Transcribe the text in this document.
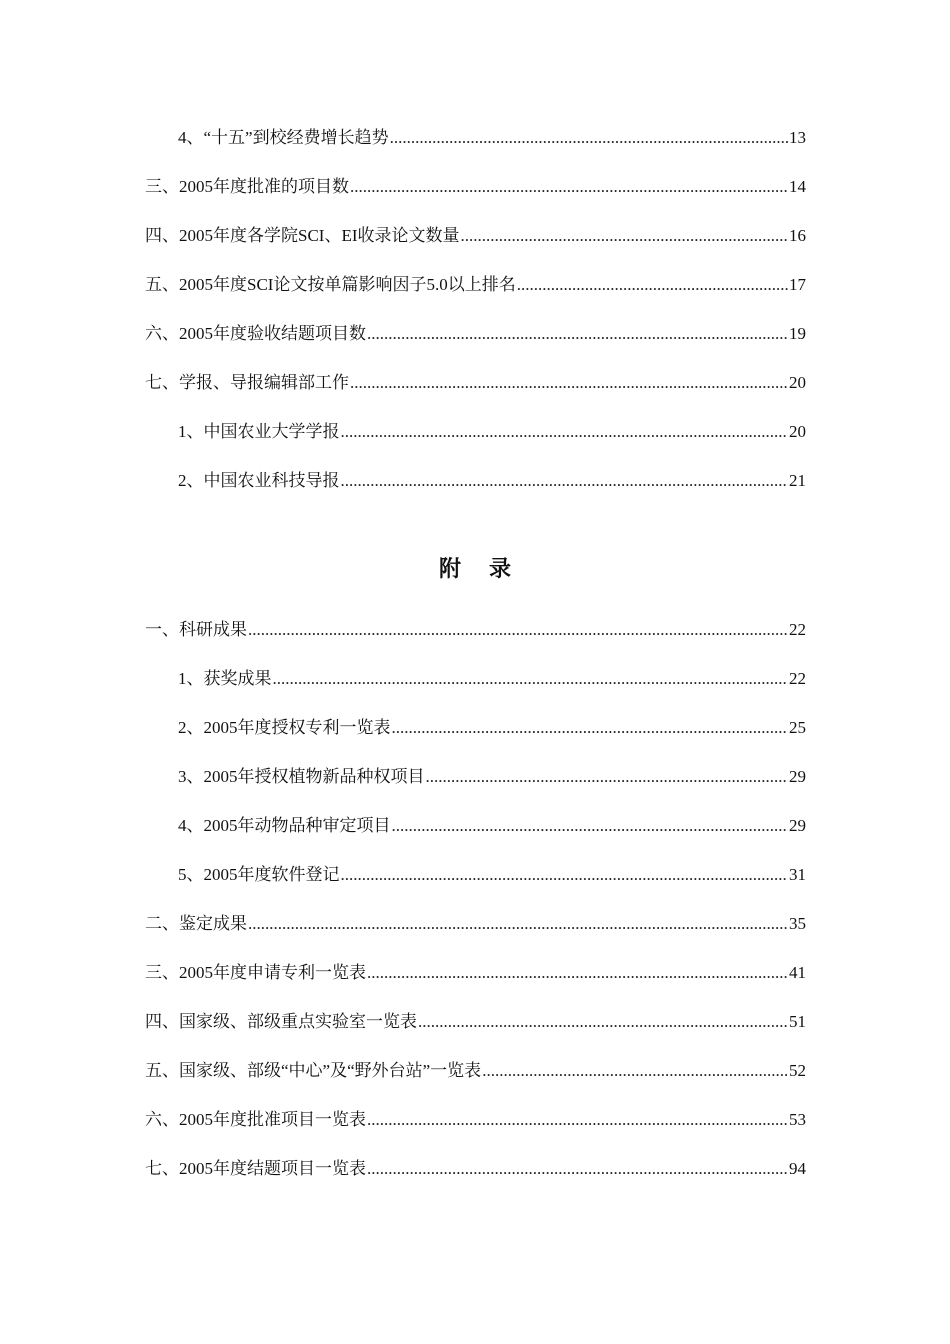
4、“十五”到校经费增长趋势 .....	13
三、2005年度批准的项目数 .....	14
四、2005年度各学院SCI、EI收录论文数量 .....	16
五、2005年度SCI论文按单篇影响因子5.0以上排名 .....	17
六、2005年度验收结题项目数 .....	19
七、学报、导报编辑部工作 .....	20
1、中国农业大学学报 .....	20
2、中国农业科技导报 .....	21
附录
一、科研成果 .....	22
1、获奖成果 .....	22
2、2005年度授权专利一览表 .....	25
3、2005年授权植物新品种权项目 .....	29
4、2005年动物品种审定项目 .....	29
5、2005年度软件登记 .....	31
二、鉴定成果 .....	35
三、2005年度申请专利一览表 .....	41
四、国家级、部级重点实验室一览表 .....	51
五、国家级、部级“中心”及“野外台站”一览表 .....	52
六、2005年度批准项目一览表 .....	53
七、2005年度结题项目一览表 .....	94
